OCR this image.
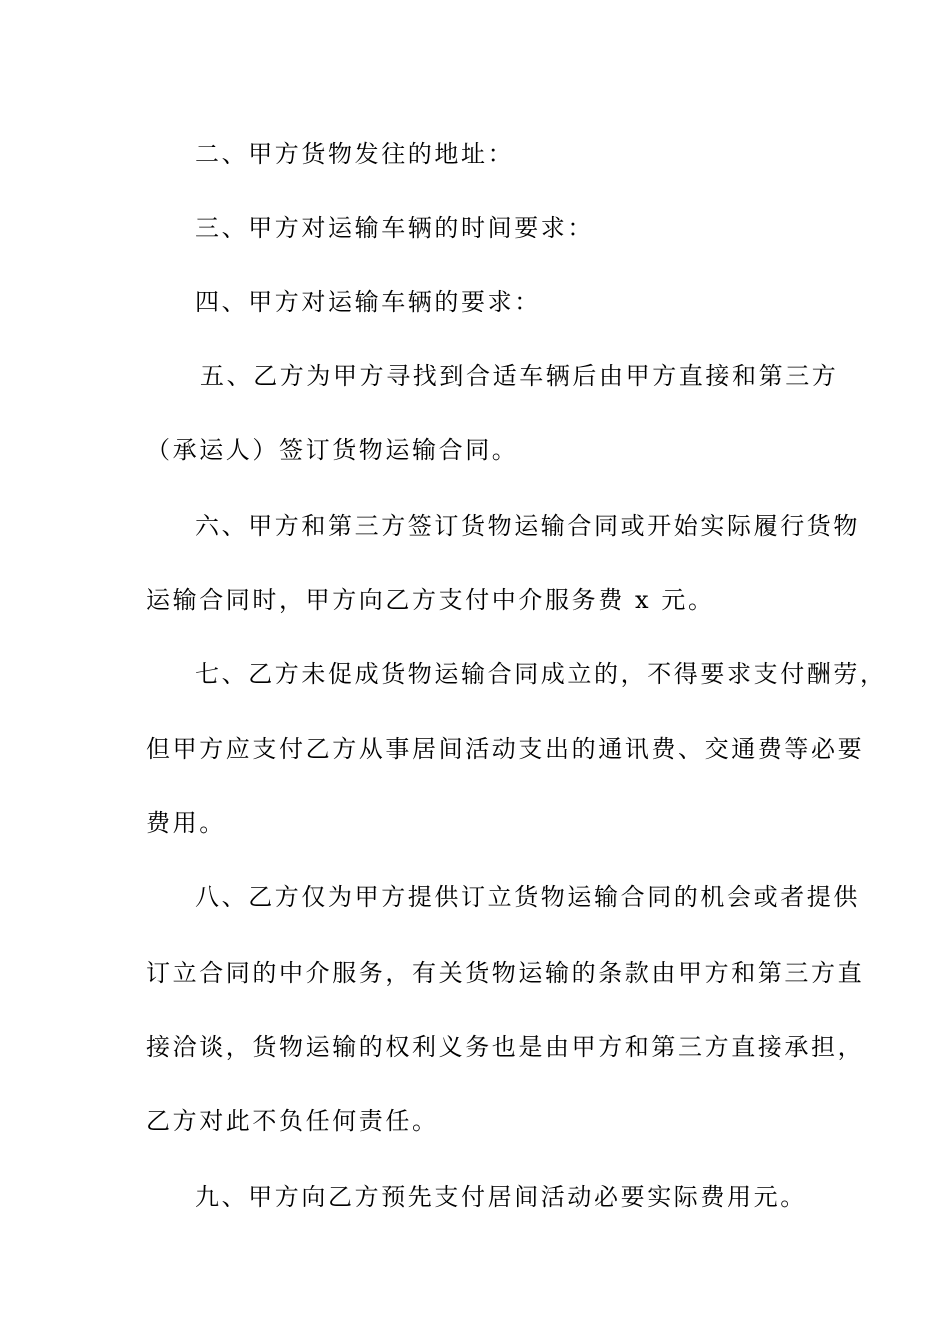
二、甲方货物发往的地址：
三、甲方对运输车辆的时间要求：
四、甲方对运输车辆的要求：
五、乙方为甲方寻找到合适车辆后由甲方直接和第三方
（承运人）签订货物运输合同。
六、甲方和第三方签订货物运输合同或开始实际履行货物
运输合同时，甲方向乙方支付中介服务费 x 元。
七、乙方未促成货物运输合同成立的，不得要求支付酬劳，
但甲方应支付乙方从事居间活动支出的通讯费、交通费等必要
费用。
八、乙方仅为甲方提供订立货物运输合同的机会或者提供
订立合同的中介服务，有关货物运输的条款由甲方和第三方直
接洽谈，货物运输的权利义务也是由甲方和第三方直接承担，
乙方对此不负任何责任。
九、甲方向乙方预先支付居间活动必要实际费用元。
